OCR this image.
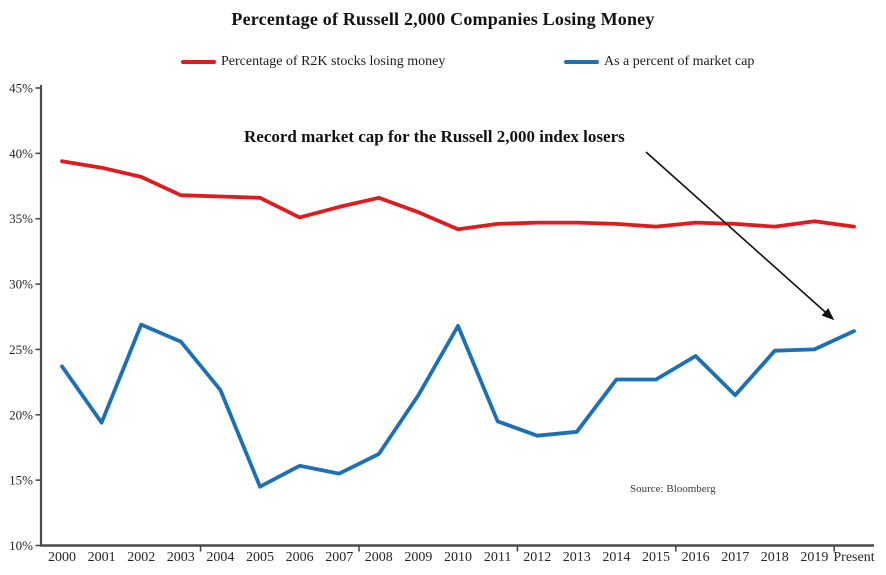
Percentage of Russell 2,000 Companies Losing Money
Percentage of R2K stocks losing money	As a percent of market cap
45%
40%
35%
30%
25%
20%
15%
10%
2000 2001 2002 2003 2004 2005 2006 2007 2008 2009 2010 2011 2012 2013 2014 2015 2016 2017 2018 2019 Present
Record market cap for the Russell 2,000 index losers
Source: Bloomberg
